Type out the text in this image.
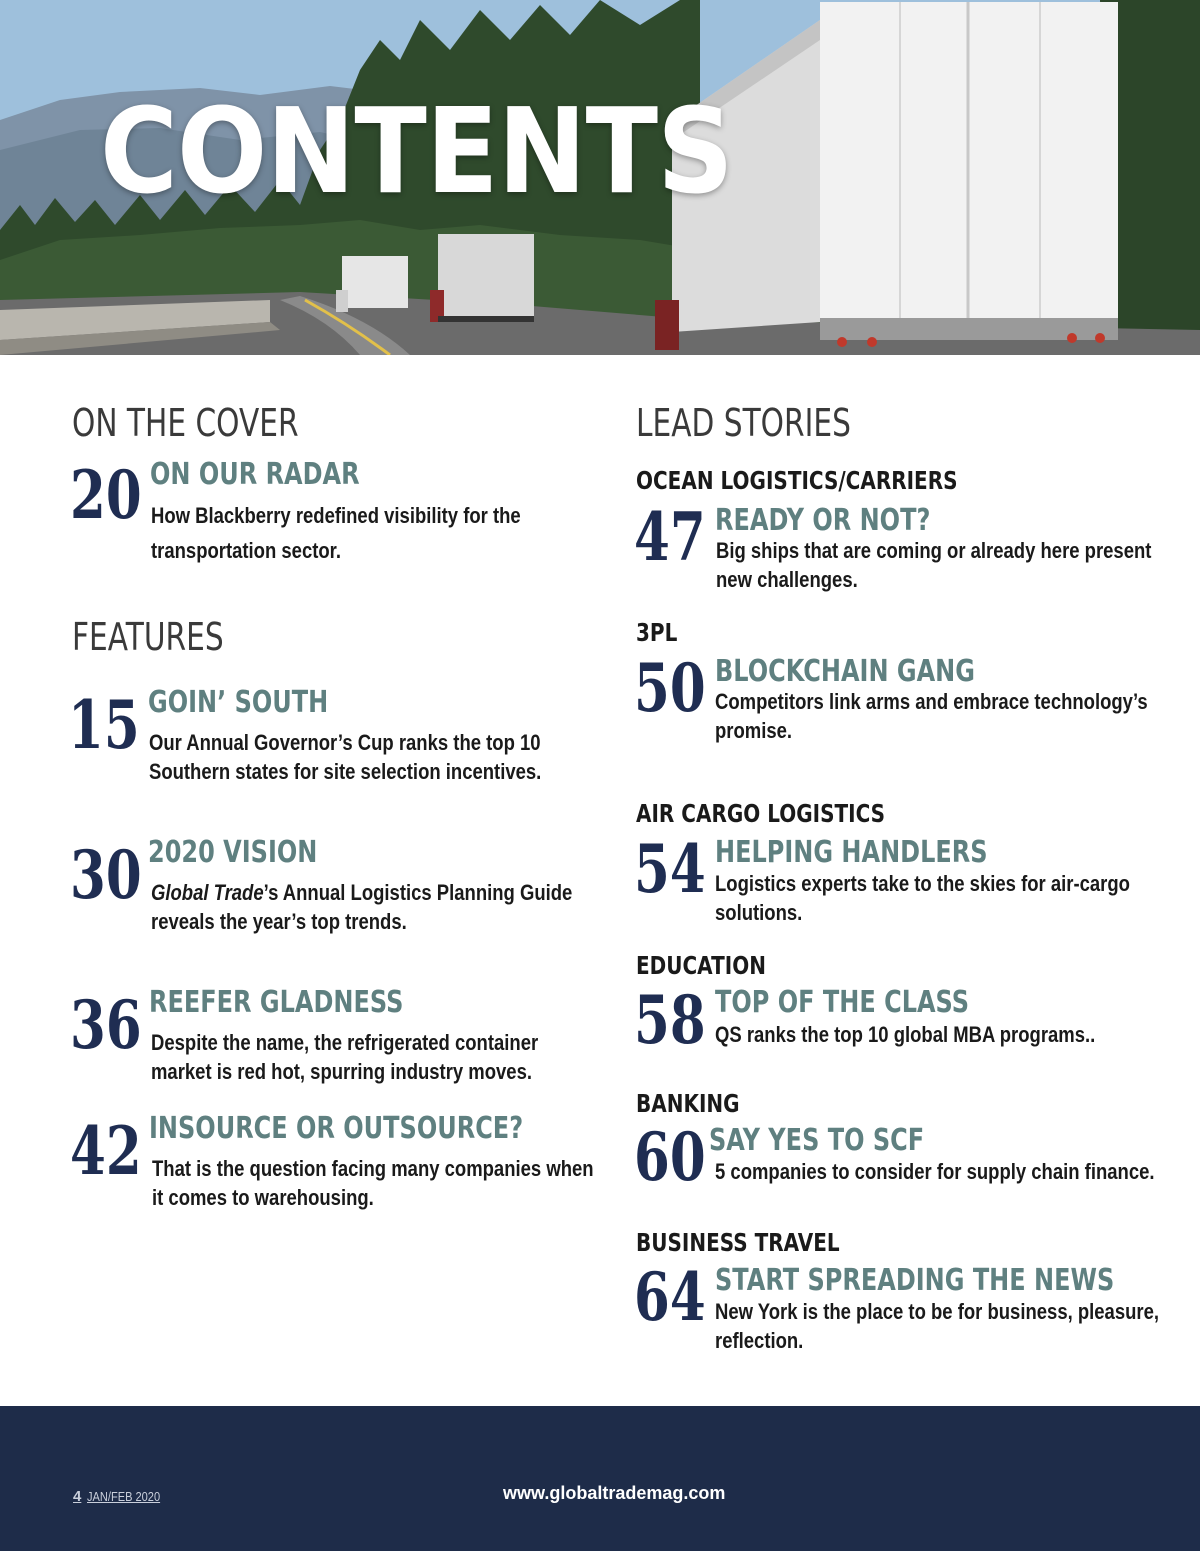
CONTENTS
ON THE COVER
20 ON OUR RADAR
How Blackberry redefined visibility for the
transportation sector.
FEATURES
15 GOIN’ SOUTH
Our Annual Governor’s Cup ranks the top 10
Southern states for site selection incentives.
30 2020 VISION
Global Trade’s Annual Logistics Planning Guide
reveals the year’s top trends.
36 REEFER GLADNESS
Despite the name, the refrigerated container
market is red hot, spurring industry moves.
42 INSOURCE OR OUTSOURCE?
That is the question facing many companies when
it comes to warehousing.
LEAD STORIES
OCEAN LOGISTICS/CARRIERS
47 READY OR NOT?
Big ships that are coming or already here present
new challenges.
3PL
50 BLOCKCHAIN GANG
Competitors link arms and embrace technology’s
promise.
AIR CARGO LOGISTICS
54 HELPING HANDLERS
Logistics experts take to the skies for air-cargo
solutions.
EDUCATION
58 TOP OF THE CLASS
QS ranks the top 10 global MBA programs..
BANKING
60 SAY YES TO SCF
5 companies to consider for supply chain finance.
BUSINESS TRAVEL
64 START SPREADING THE NEWS
New York is the place to be for business, pleasure,
reflection.
4 JAN/FEB 2020	www.globaltrademag.com
